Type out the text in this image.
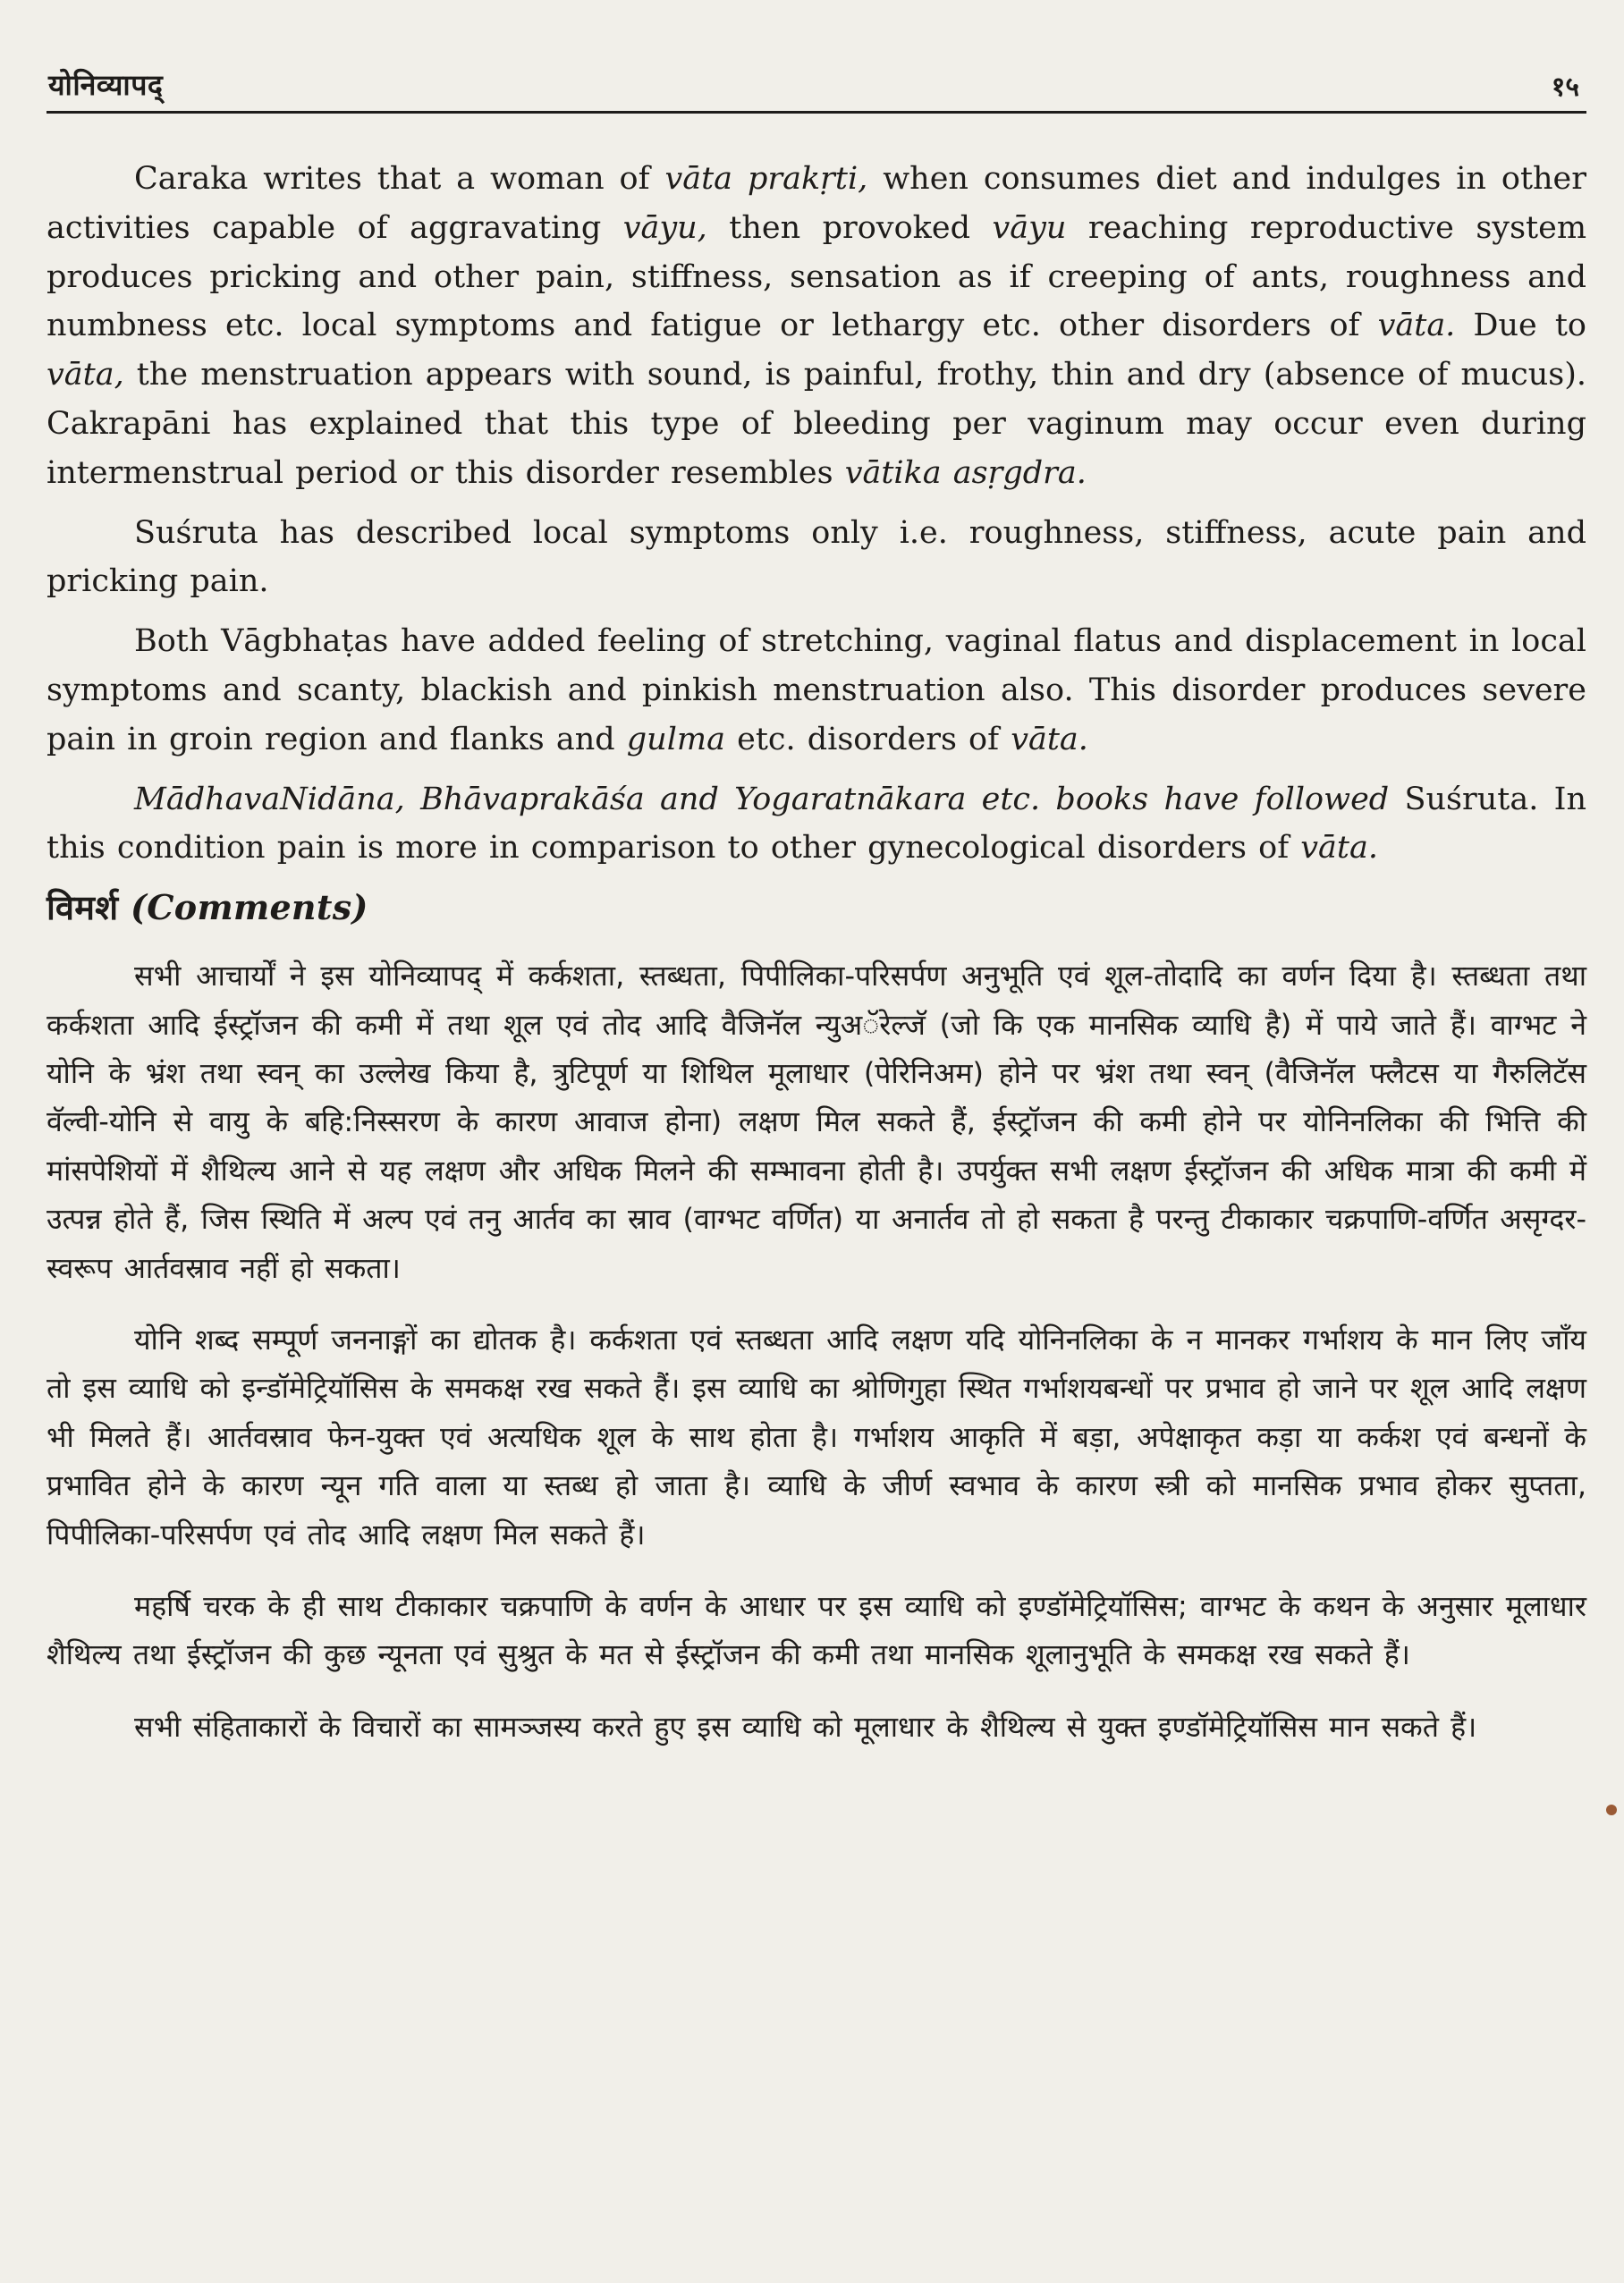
योनिव्यापद्	१५

Caraka writes that a woman of vāta prakṛti, when consumes diet and indulges in other activities capable of aggravating vāyu, then provoked vāyu reaching reproductive system produces pricking and other pain, stiffness, sensation as if creeping of ants, roughness and numbness etc. local symptoms and fatigue or lethargy etc. other disorders of vāta. Due to vāta, the menstruation appears with sound, is painful, frothy, thin and dry (absence of mucus). Cakrapāni has explained that this type of bleeding per vaginum may occur even during intermenstrual period or this disorder resembles vātika asṛgdra.

Suśruta has described local symptoms only i.e. roughness, stiffness, acute pain and pricking pain.

Both Vāgbhaṭas have added feeling of stretching, vaginal flatus and displacement in local symptoms and scanty, blackish and pinkish menstruation also. This disorder produces severe pain in groin region and flanks and gulma etc. disorders of vāta.

MādhavaNidāna, Bhāvaprakāśa and Yogaratnākara etc. books have followed Suśruta. In this condition pain is more in comparison to other gynecological disorders of vāta.

विमर्श (Comments)

सभी आचार्यों ने इस योनिव्यापद् में कर्कशता, स्तब्धता, पिपीलिका-परिसर्पण अनुभूति एवं शूल-तोदादि का वर्णन दिया है। स्तब्धता तथा कर्कशता आदि ईस्ट्रॉजन की कमी में तथा शूल एवं तोद आदि वैजिनॅल न्युअॅरेल्जॅ (जो कि एक मानसिक व्याधि है) में पाये जाते हैं। वाग्भट ने योनि के भ्रंश तथा स्वन् का उल्लेख किया है, त्रुटिपूर्ण या शिथिल मूलाधार (पेरिनिअम) होने पर भ्रंश तथा स्वन् (वैजिनॅल फ्लैटस या गैरुलिटॅस वॅल्वी-योनि से वायु के बहि:निस्सरण के कारण आवाज होना) लक्षण मिल सकते हैं, ईस्ट्रॉजन की कमी होने पर योनिनलिका की भित्ति की मांसपेशियों में शैथिल्य आने से यह लक्षण और अधिक मिलने की सम्भावना होती है। उपर्युक्त सभी लक्षण ईस्ट्रॉजन की अधिक मात्रा की कमी में उत्पन्न होते हैं, जिस स्थिति में अल्प एवं तनु आर्तव का स्राव (वाग्भट वर्णित) या अनार्तव तो हो सकता है परन्तु टीकाकार चक्रपाणि-वर्णित असृग्दर-स्वरूप आर्तवस्राव नहीं हो सकता।

योनि शब्द सम्पूर्ण जननाङ्गों का द्योतक है। कर्कशता एवं स्तब्धता आदि लक्षण यदि योनिनलिका के न मानकर गर्भाशय के मान लिए जाँय तो इस व्याधि को इन्डॉमेट्रियॉसिस के समकक्ष रख सकते हैं। इस व्याधि का श्रोणिगुहा स्थित गर्भाशयबन्धों पर प्रभाव हो जाने पर शूल आदि लक्षण भी मिलते हैं। आर्तवस्राव फेन-युक्त एवं अत्यधिक शूल के साथ होता है। गर्भाशय आकृति में बड़ा, अपेक्षाकृत कड़ा या कर्कश एवं बन्धनों के प्रभावित होने के कारण न्यून गति वाला या स्तब्ध हो जाता है। व्याधि के जीर्ण स्वभाव के कारण स्त्री को मानसिक प्रभाव होकर सुप्तता, पिपीलिका-परिसर्पण एवं तोद आदि लक्षण मिल सकते हैं।

महर्षि चरक के ही साथ टीकाकार चक्रपाणि के वर्णन के आधार पर इस व्याधि को इण्डॉमेट्रियॉसिस; वाग्भट के कथन के अनुसार मूलाधार शैथिल्य तथा ईस्ट्रॉजन की कुछ न्यूनता एवं सुश्रुत के मत से ईस्ट्रॉजन की कमी तथा मानसिक शूलानुभूति के समकक्ष रख सकते हैं।

सभी संहिताकारों के विचारों का सामञ्जस्य करते हुए इस व्याधि को मूलाधार के शैथिल्य से युक्त इण्डॉमेट्रियॉसिस मान सकते हैं।
